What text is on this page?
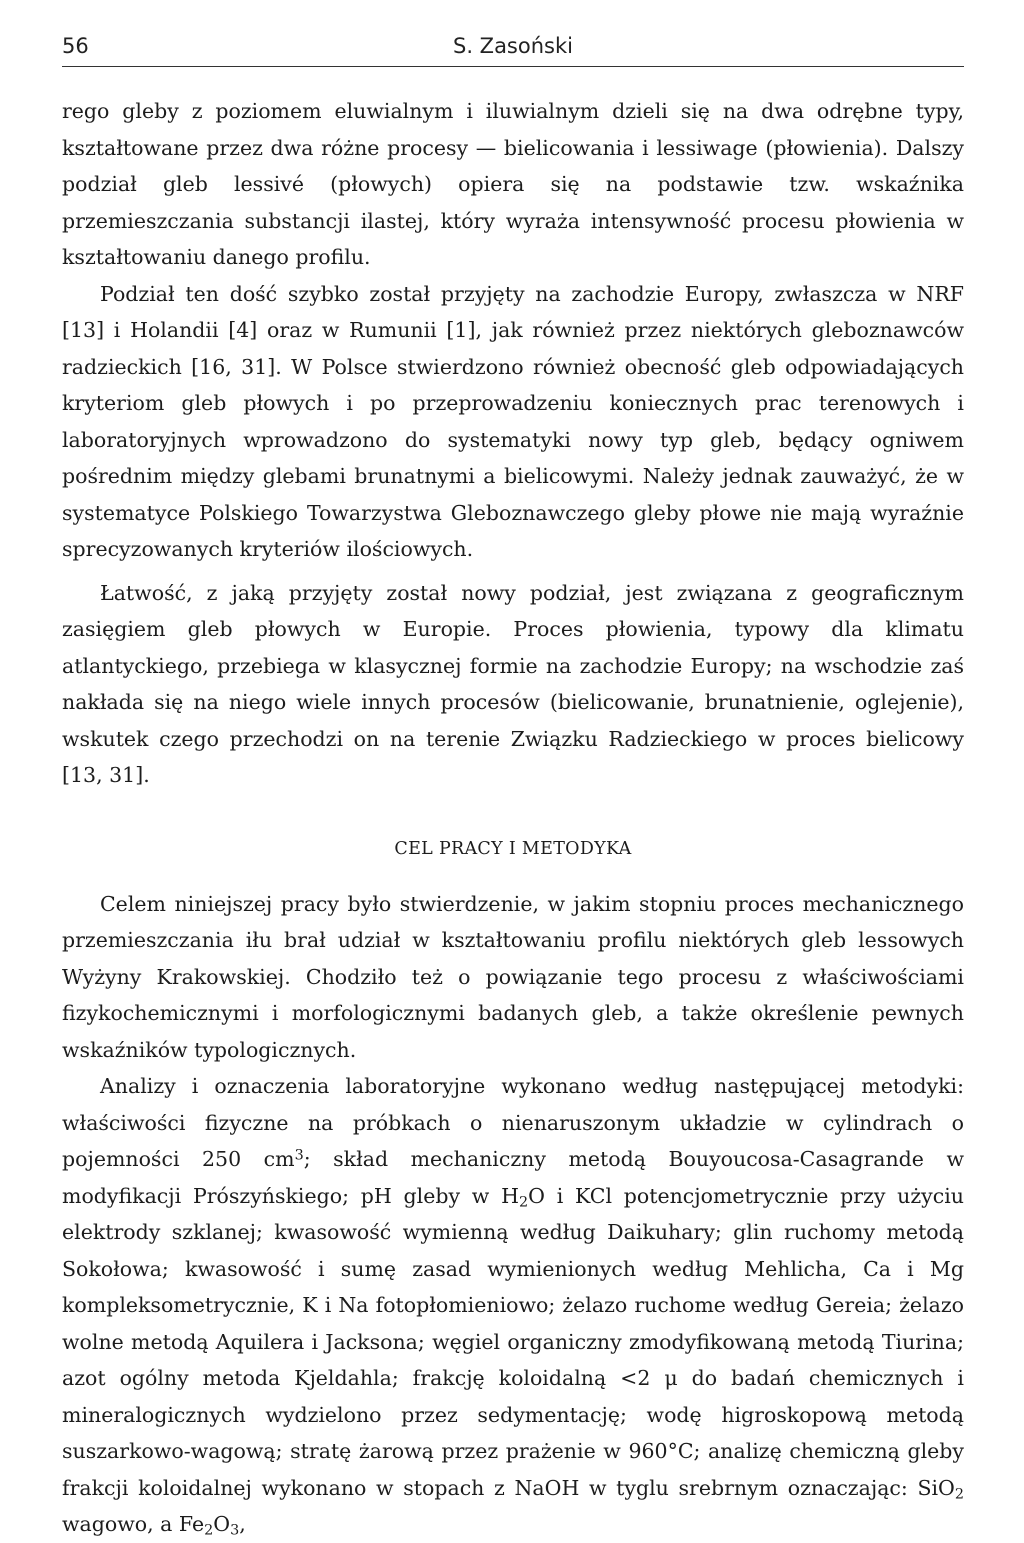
56	S. Zasoński

rego gleby z poziomem eluwialnym i iluwialnym dzieli się na dwa odrębne typy, kształtowane przez dwa różne procesy — bielicowania i lessiwage (płowienia). Dalszy podział gleb lessivé (płowych) opiera się na podstawie tzw. wskaźnika przemieszczania substancji ilastej, który wyraża intensywność procesu płowienia w kształtowaniu danego profilu.

Podział ten dość szybko został przyjęty na zachodzie Europy, zwłaszcza w NRF [13] i Holandii [4] oraz w Rumunii [1], jak również przez niektórych gleboznawców radzieckich [16, 31]. W Polsce stwierdzono również obecność gleb odpowiadających kryteriom gleb płowych i po przeprowadzeniu koniecznych prac terenowych i laboratoryjnych wprowadzono do systematyki nowy typ gleb, będący ogniwem pośrednim między glebami brunatnymi a bielicowymi. Należy jednak zauważyć, że w systematyce Polskiego Towarzystwa Gleboznawczego gleby płowe nie mają wyraźnie sprecyzowanych kryteriów ilościowych.

Łatwość, z jaką przyjęty został nowy podział, jest związana z geograficznym zasięgiem gleb płowych w Europie. Proces płowienia, typowy dla klimatu atlantyckiego, przebiega w klasycznej formie na zachodzie Europy; na wschodzie zaś nakłada się na niego wiele innych procesów (bielicowanie, brunatnienie, oglejenie), wskutek czego przechodzi on na terenie Związku Radzieckiego w proces bielicowy [13, 31].

CEL PRACY I METODYKA

Celem niniejszej pracy było stwierdzenie, w jakim stopniu proces mechanicznego przemieszczania iłu brał udział w kształtowaniu profilu niektórych gleb lessowych Wyżyny Krakowskiej. Chodziło też o powiązanie tego procesu z właściwościami fizykochemicznymi i morfologicznymi badanych gleb, a także określenie pewnych wskaźników typologicznych.

Analizy i oznaczenia laboratoryjne wykonano według następującej metodyki: właściwości fizyczne na próbkach o nienaruszonym układzie w cylindrach o pojemności 250 $cm^3$; skład mechaniczny metodą Bouyoucosa-Casagrande w modyfikacji Prószyńskiego; pH gleby w $H_2O$ i KCl potencjometrycznie przy użyciu elektrody szklanej; kwasowość wymienną według Daikuhary; glin ruchomy metodą Sokołowa; kwasowość i sumę zasad wymienionych według Mehlicha, Ca i Mg kompleksometrycznie, K i Na fotopłomieniowo; żelazo ruchome według Gereia; żelazo wolne metodą Aquilera i Jacksona; węgiel organiczny zmodyfikowaną metodą Tiurina; azot ogólny metoda Kjeldahla; frakcję koloidalną <2 μ do badań chemicznych i mineralogicznych wydzielono przez sedymentację; wodę higroskopową metodą suszarkowo-wagową; stratę żarową przez prażenie w 960°C; analizę chemiczną gleby frakcji koloidalnej wykonano w stopach z NaOH w tyglu srebrnym oznaczając: SiO$_2$ wagowo, a $Fe_2O_3$,
